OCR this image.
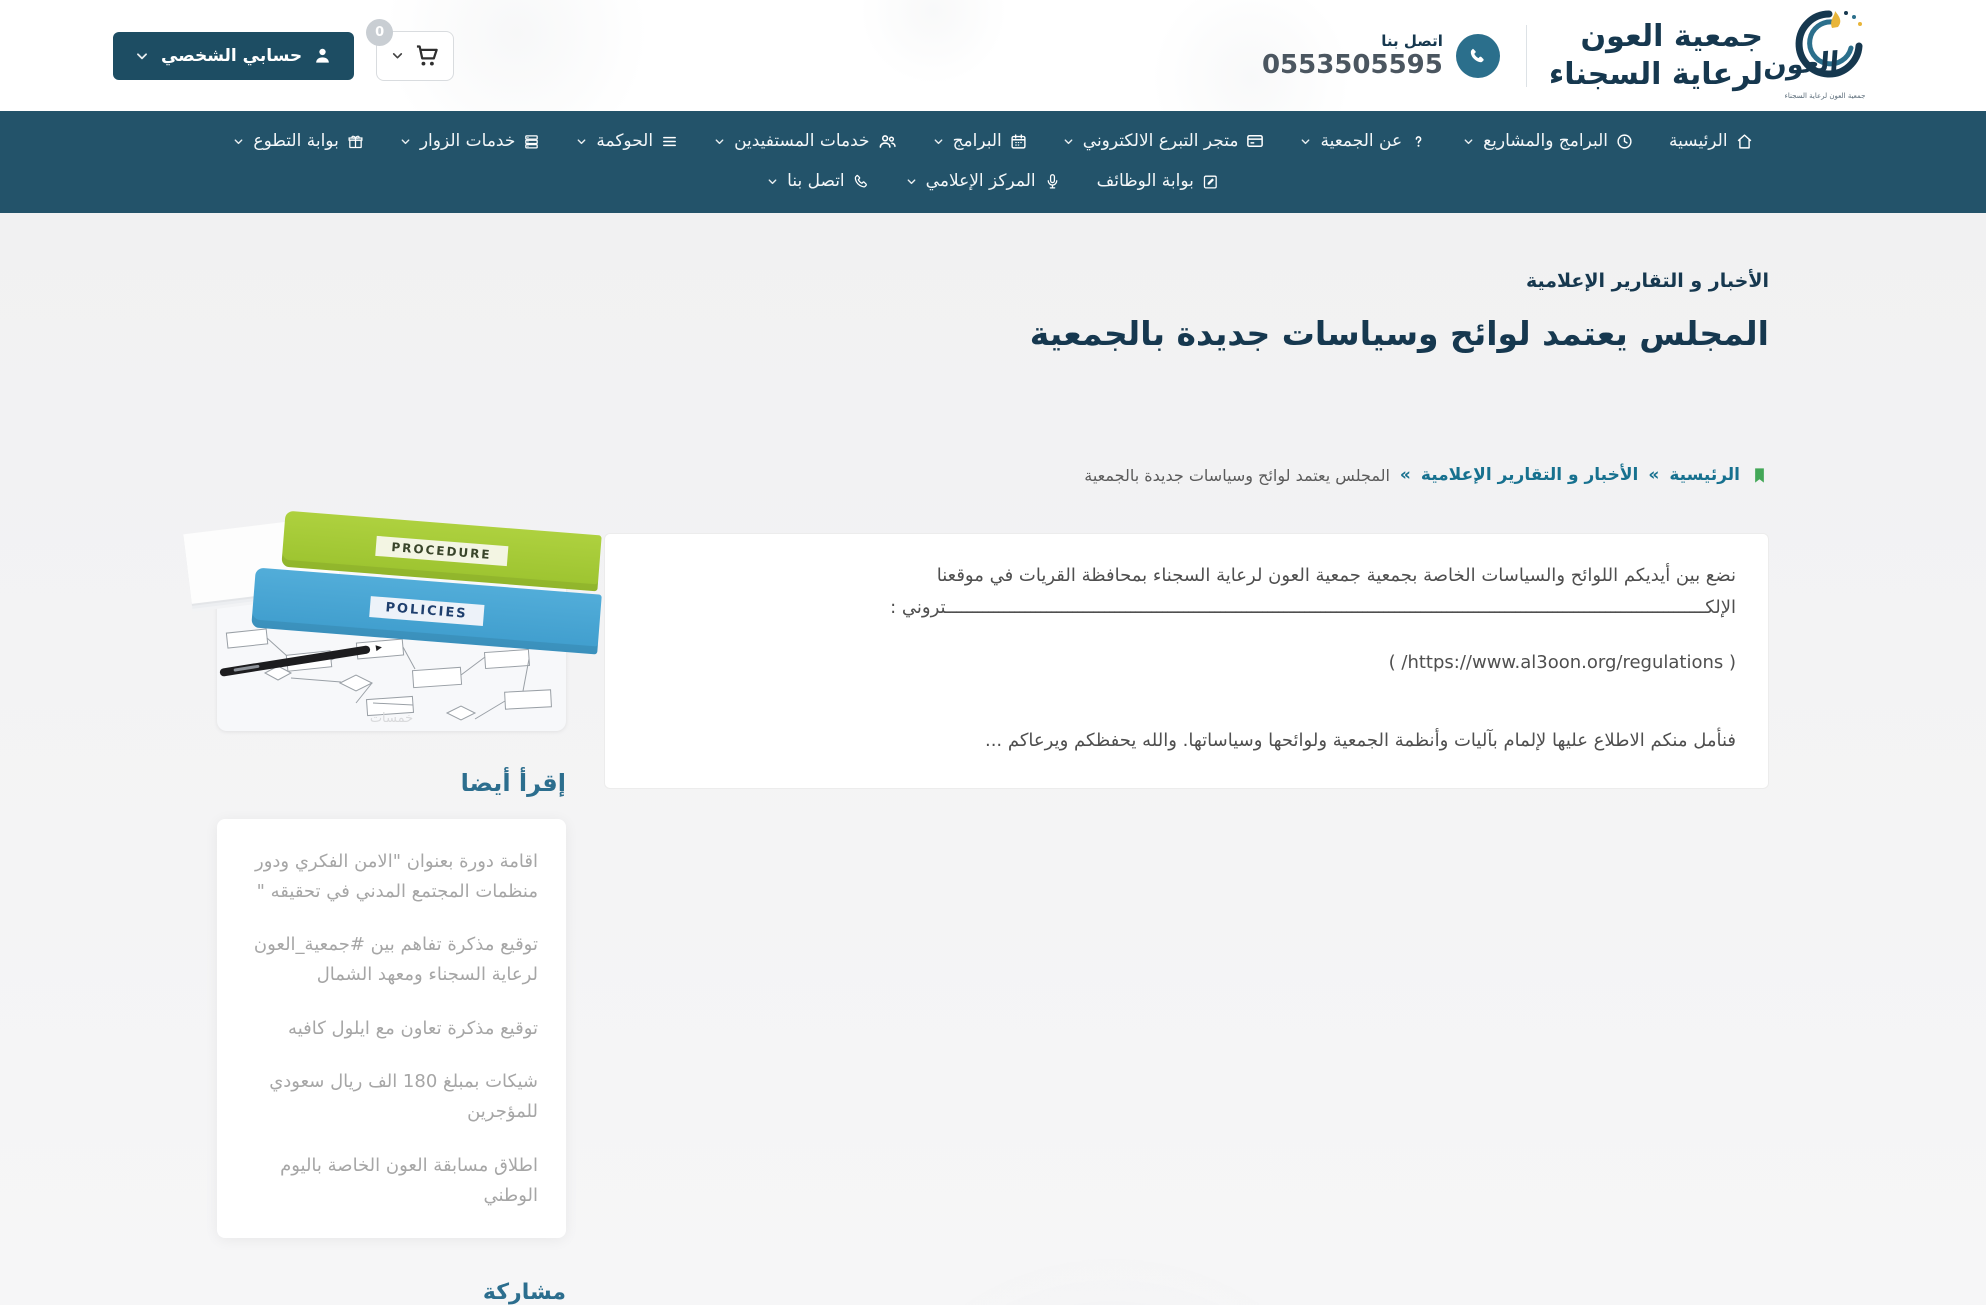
العون
جمعية العون لرعاية السجناء
جمعية العون
لرعاية السجناء
اتصل بنا
0553505595
0
حسابي الشخصي
الرئيسية
البرامج والمشاريع
عن الجمعية
متجر التبرع الالكتروني
البرامج
خدمات المستفيدين
الحوكمة
خدمات الزوار
بوابة التطوع
بوابة الوظائف
المركز الإعلامي
اتصل بنا
الأخبار و التقارير الإعلامية
المجلس يعتمد لوائح وسياسات جديدة بالجمعية
الرئيسية
»
الأخبار و التقارير الإعلامية
»
المجلس يعتمد لوائح وسياسات جديدة بالجمعية

نضع بين أيديكم اللوائح والسياسات الخاصة بجمعية جمعية العون لرعاية السجناء بمحافظة القريات في موقعنا الإلكــــــــــــــــــــــــــــــــــــــــــــــــــــــــــــــــــــــــــــــــــــــــــــــــــــــــــــــــــــــــــــــــــــــــــــــــتروني :

( /https://www.al3oon.org/regulations )

فنأمل منكم الاطلاع عليها لإلمام بآليات وأنظمة الجمعية ولوائحها وسياساتها. والله يحفظكم ويرعاكم ...

PROCEDURE
POLICIES
خمسات
إقرأ أيضا
اقامة دورة بعنوان "الامن الفكري ودور منظمات المجتمع المدني في تحقيقه "
توقيع مذكرة تفاهم بين #جمعية_العون لرعاية السجناء ومعهد الشمال
توقيع مذكرة تعاون مع ايلول كافيه
شيكات بمبلغ 180 الف ريال سعودي للمؤجرين
اطلاق مسابقة العون الخاصة باليوم الوطني
مشاركة
